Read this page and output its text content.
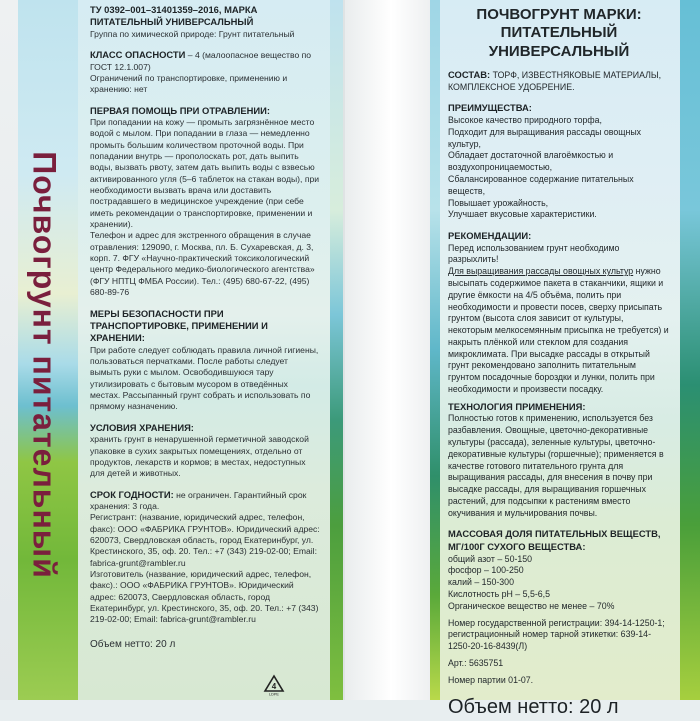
Почвогрунт питательный
ТУ 0392–001–31401359–2016, МАРКА ПИТАТЕЛЬНЫЙ УНИВЕРСАЛЬНЫЙ
Группа по химической природе: Грунт питательный
КЛАСС ОПАСНОСТИ – 4 (малоопасное вещество по ГОСТ 12.1.007)
Ограничений по транспортировке, применению и хранению: нет
ПЕРВАЯ ПОМОЩЬ ПРИ ОТРАВЛЕНИИ:
При попадании на кожу — промыть загрязнённое место водой с мылом. При попадании в глаза — немедленно промыть большим количеством проточной воды. При попадании внутрь — прополоскать рот, дать выпить воды, вызвать рвоту, затем дать выпить воды с взвесью активированного угля (5–6 таблеток на стакан воды), при необходимости вызвать врача или доставить пострадавшего в медицинское учреждение (при себе иметь рекомендации о транспортировке, применении и хранении).
Телефон и адрес для экстренного обращения в случае отравления: 129090, г. Москва, пл. Б. Сухаревская, д. 3, корп. 7. ФГУ «Научно-практический токсикологический центр Федерального медико-биологического агентства» (ФГУ НПТЦ ФМБА России). Тел.: (495) 680-67-22, (495) 680-89-76
МЕРЫ БЕЗОПАСНОСТИ ПРИ ТРАНСПОРТИРОВКЕ, ПРИМЕНЕНИИ И ХРАНЕНИИ:
При работе следует соблюдать правила личной гигиены, пользоваться перчатками. После работы следует вымыть руки с мылом. Освободившуюся тару утилизировать с бытовым мусором в отведённых местах. Рассыпанный грунт собрать и использовать по прямому назначению.
УСЛОВИЯ ХРАНЕНИЯ:
хранить грунт в ненарушенной герметичной заводской упаковке в сухих закрытых помещениях, отдельно от продуктов, лекарств и кормов; в местах, недоступных для детей и животных.
СРОК ГОДНОСТИ: не ограничен. Гарантийный срок хранения: 3 года.
Регистрант: (название, юридический адрес, телефон, факс): ООО «ФАБРИКА ГРУНТОВ». Юридический адрес: 620073, Свердловская область, город Екатеринбург, ул. Крестинского, 35, оф. 20. Тел.: +7 (343) 219-02-00; Email: fabrica-grunt@rambler.ru
Изготовитель (название, юридический адрес, телефон, факс).: ООО «ФАБРИКА ГРУНТОВ». Юридический адрес: 620073, Свердловская область, город Екатеринбург, ул. Крестинского, 35, оф. 20. Тел.: +7 (343) 219-02-00; Email: fabrica-grunt@rambler.ru
Объем нетто: 20 л
4
LDPE
ПОЧВОГРУНТ МАРКИ: ПИТАТЕЛЬНЫЙ УНИВЕРСАЛЬНЫЙ
СОСТАВ: ТОРФ, ИЗВЕСТНЯКОВЫЕ МАТЕРИАЛЫ, КОМПЛЕКСНОЕ УДОБРЕНИЕ.
ПРЕИМУЩЕСТВА:
Высокое качество природного торфа,
Подходит для выращивания рассады овощных культур,
Обладает достаточной влагоёмкостью и воздухопроницаемостью,
Сбалансированное содержание питательных веществ,
Повышает урожайность,
Улучшает вкусовые характеристики.
РЕКОМЕНДАЦИИ:
Перед использованием грунт необходимо разрыхлить!
Для выращивания рассады овощных культур нужно высыпать содержимое пакета в стаканчики, ящики и другие ёмкости на 4/5 объёма, полить при необходимости и провести посев, сверху присыпать грунтом (высота слоя зависит от культуры, некоторым мелкосемянным присыпка не требуется) и накрыть плёнкой или стеклом для создания микроклимата. При высадке рассады в открытый грунт рекомендовано заполнить питательным грунтом посадочные бороздки и лунки, полить при необходимости и произвести посадку.
ТЕХНОЛОГИЯ ПРИМЕНЕНИЯ:
Полностью готов к применению, используется без разбавления. Овощные, цветочно-декоративные культуры (рассада), зеленные культуры, цветочно-декоративные культуры (горшечные); применяется в качестве готового питательного грунта для выращивания рассады, для внесения в почву при высадке рассады, для выращивания горшечных растений, для подсыпки к растениям вместо окучивания и мульчирования почвы.
МАССОВАЯ ДОЛЯ ПИТАТЕЛЬНЫХ ВЕЩЕСТВ, МГ/100Г СУХОГО ВЕЩЕСТВА:
общий азот – 50-150
фосфор – 100-250
калий – 150-300
Кислотность pH – 5,5-6,5
Органическое вещество не менее – 70%
Номер государственной регистрации: 394-14-1250-1;
регистрационный номер тарной этикетки: 639-14-1250-20-16-8439(Л)
Арт.: 5635751
Номер партии 01-07.
Объем нетто: 20 л
